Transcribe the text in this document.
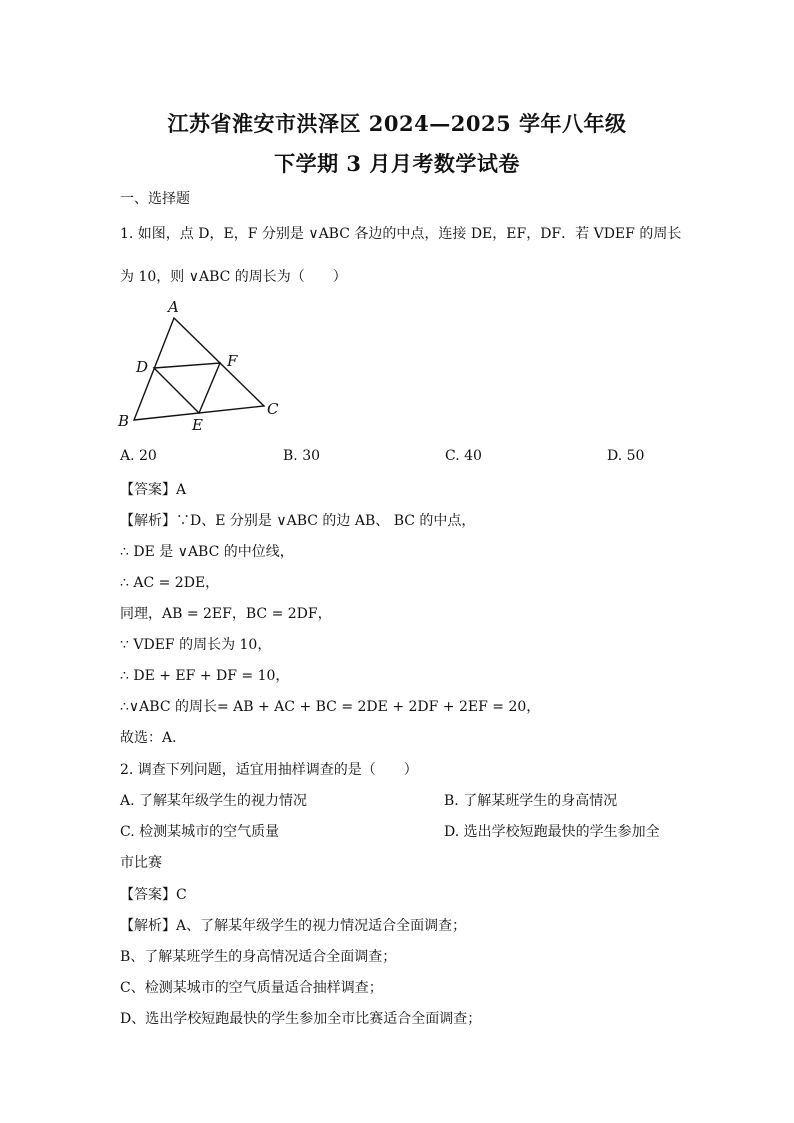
江苏省淮安市洪泽区 2024—2025 学年八年级
下学期 3 月月考数学试卷
一、选择题
1. 如图，点 D，E，F 分别是 ∨ABC 各边的中点，连接 DE，EF，DF．若 VDEF 的周长
为 10，则 ∨ABC 的周长为（　　）
A
B
C
D
E
F
A. 20	B. 30	C. 40	D. 50
【答案】A
【解析】∵D、E 分别是 ∨ABC 的边 AB、 BC 的中点，
∴ DE 是 ∨ABC 的中位线，
∴ AC = 2DE，
同理，AB = 2EF，BC = 2DF，
∵ VDEF 的周长为 10，
∴ DE + EF + DF = 10，
∴∨ABC 的周长= AB + AC + BC = 2DE + 2DF + 2EF = 20，
故选：A．
2. 调查下列问题，适宜用抽样调查的是（　　）
A. 了解某年级学生的视力情况	B. 了解某班学生的身高情况
C. 检测某城市的空气质量	D. 选出学校短跑最快的学生参加全
市比赛
【答案】C
【解析】A、了解某年级学生的视力情况适合全面调查；
B、了解某班学生的身高情况适合全面调查；
C、检测某城市的空气质量适合抽样调查；
D、选出学校短跑最快的学生参加全市比赛适合全面调查；
